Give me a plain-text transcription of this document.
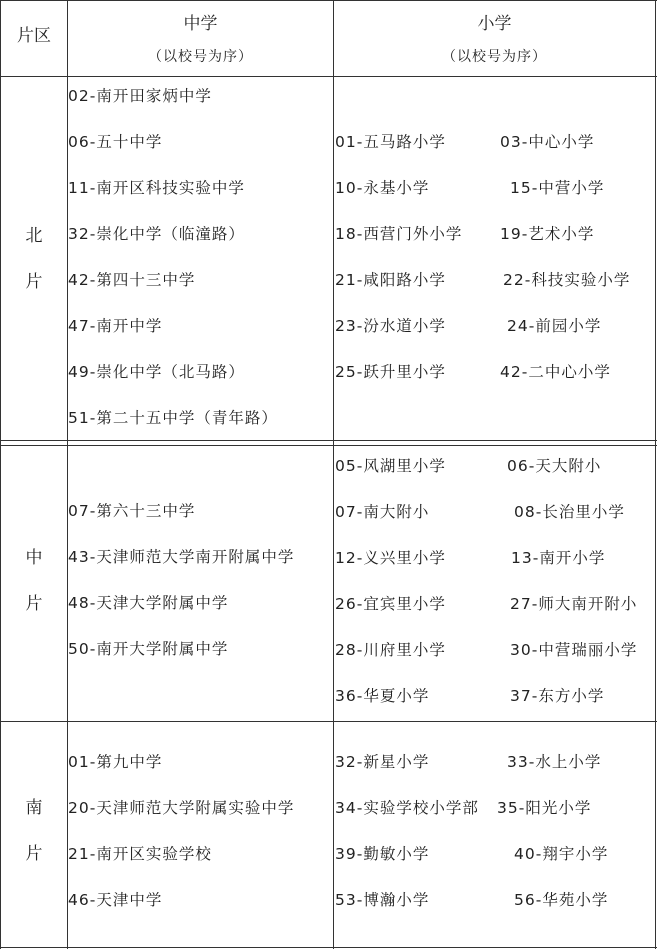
片区
中学
（以校号为序）
小学
（以校号为序）
北
片
02-南开田家炳中学
06-五十中学
11-南开区科技实验中学
32-崇化中学（临潼路）
42-第四十三中学
47-南开中学
49-崇化中学（北马路）
51-第二十五中学（青年路）
01-五马路小学
10-永基小学
18-西营门外小学
21-咸阳路小学
23-汾水道小学
25-跃升里小学
03-中心小学
15-中营小学
19-艺术小学
22-科技实验小学
24-前园小学
42-二中心小学
中
片
07-第六十三中学
43-天津师范大学南开附属中学
48-天津大学附属中学
50-南开大学附属中学
05-风湖里小学
07-南大附小
12-义兴里小学
26-宜宾里小学
28-川府里小学
36-华夏小学
06-天大附小
08-长治里小学
13-南开小学
27-师大南开附小
30-中营瑞丽小学
37-东方小学
南
片
01-第九中学
20-天津师范大学附属实验中学
21-南开区实验学校
46-天津中学
32-新星小学
34-实验学校小学部
39-勤敏小学
53-博瀚小学
33-水上小学
35-阳光小学
40-翔宇小学
56-华苑小学
